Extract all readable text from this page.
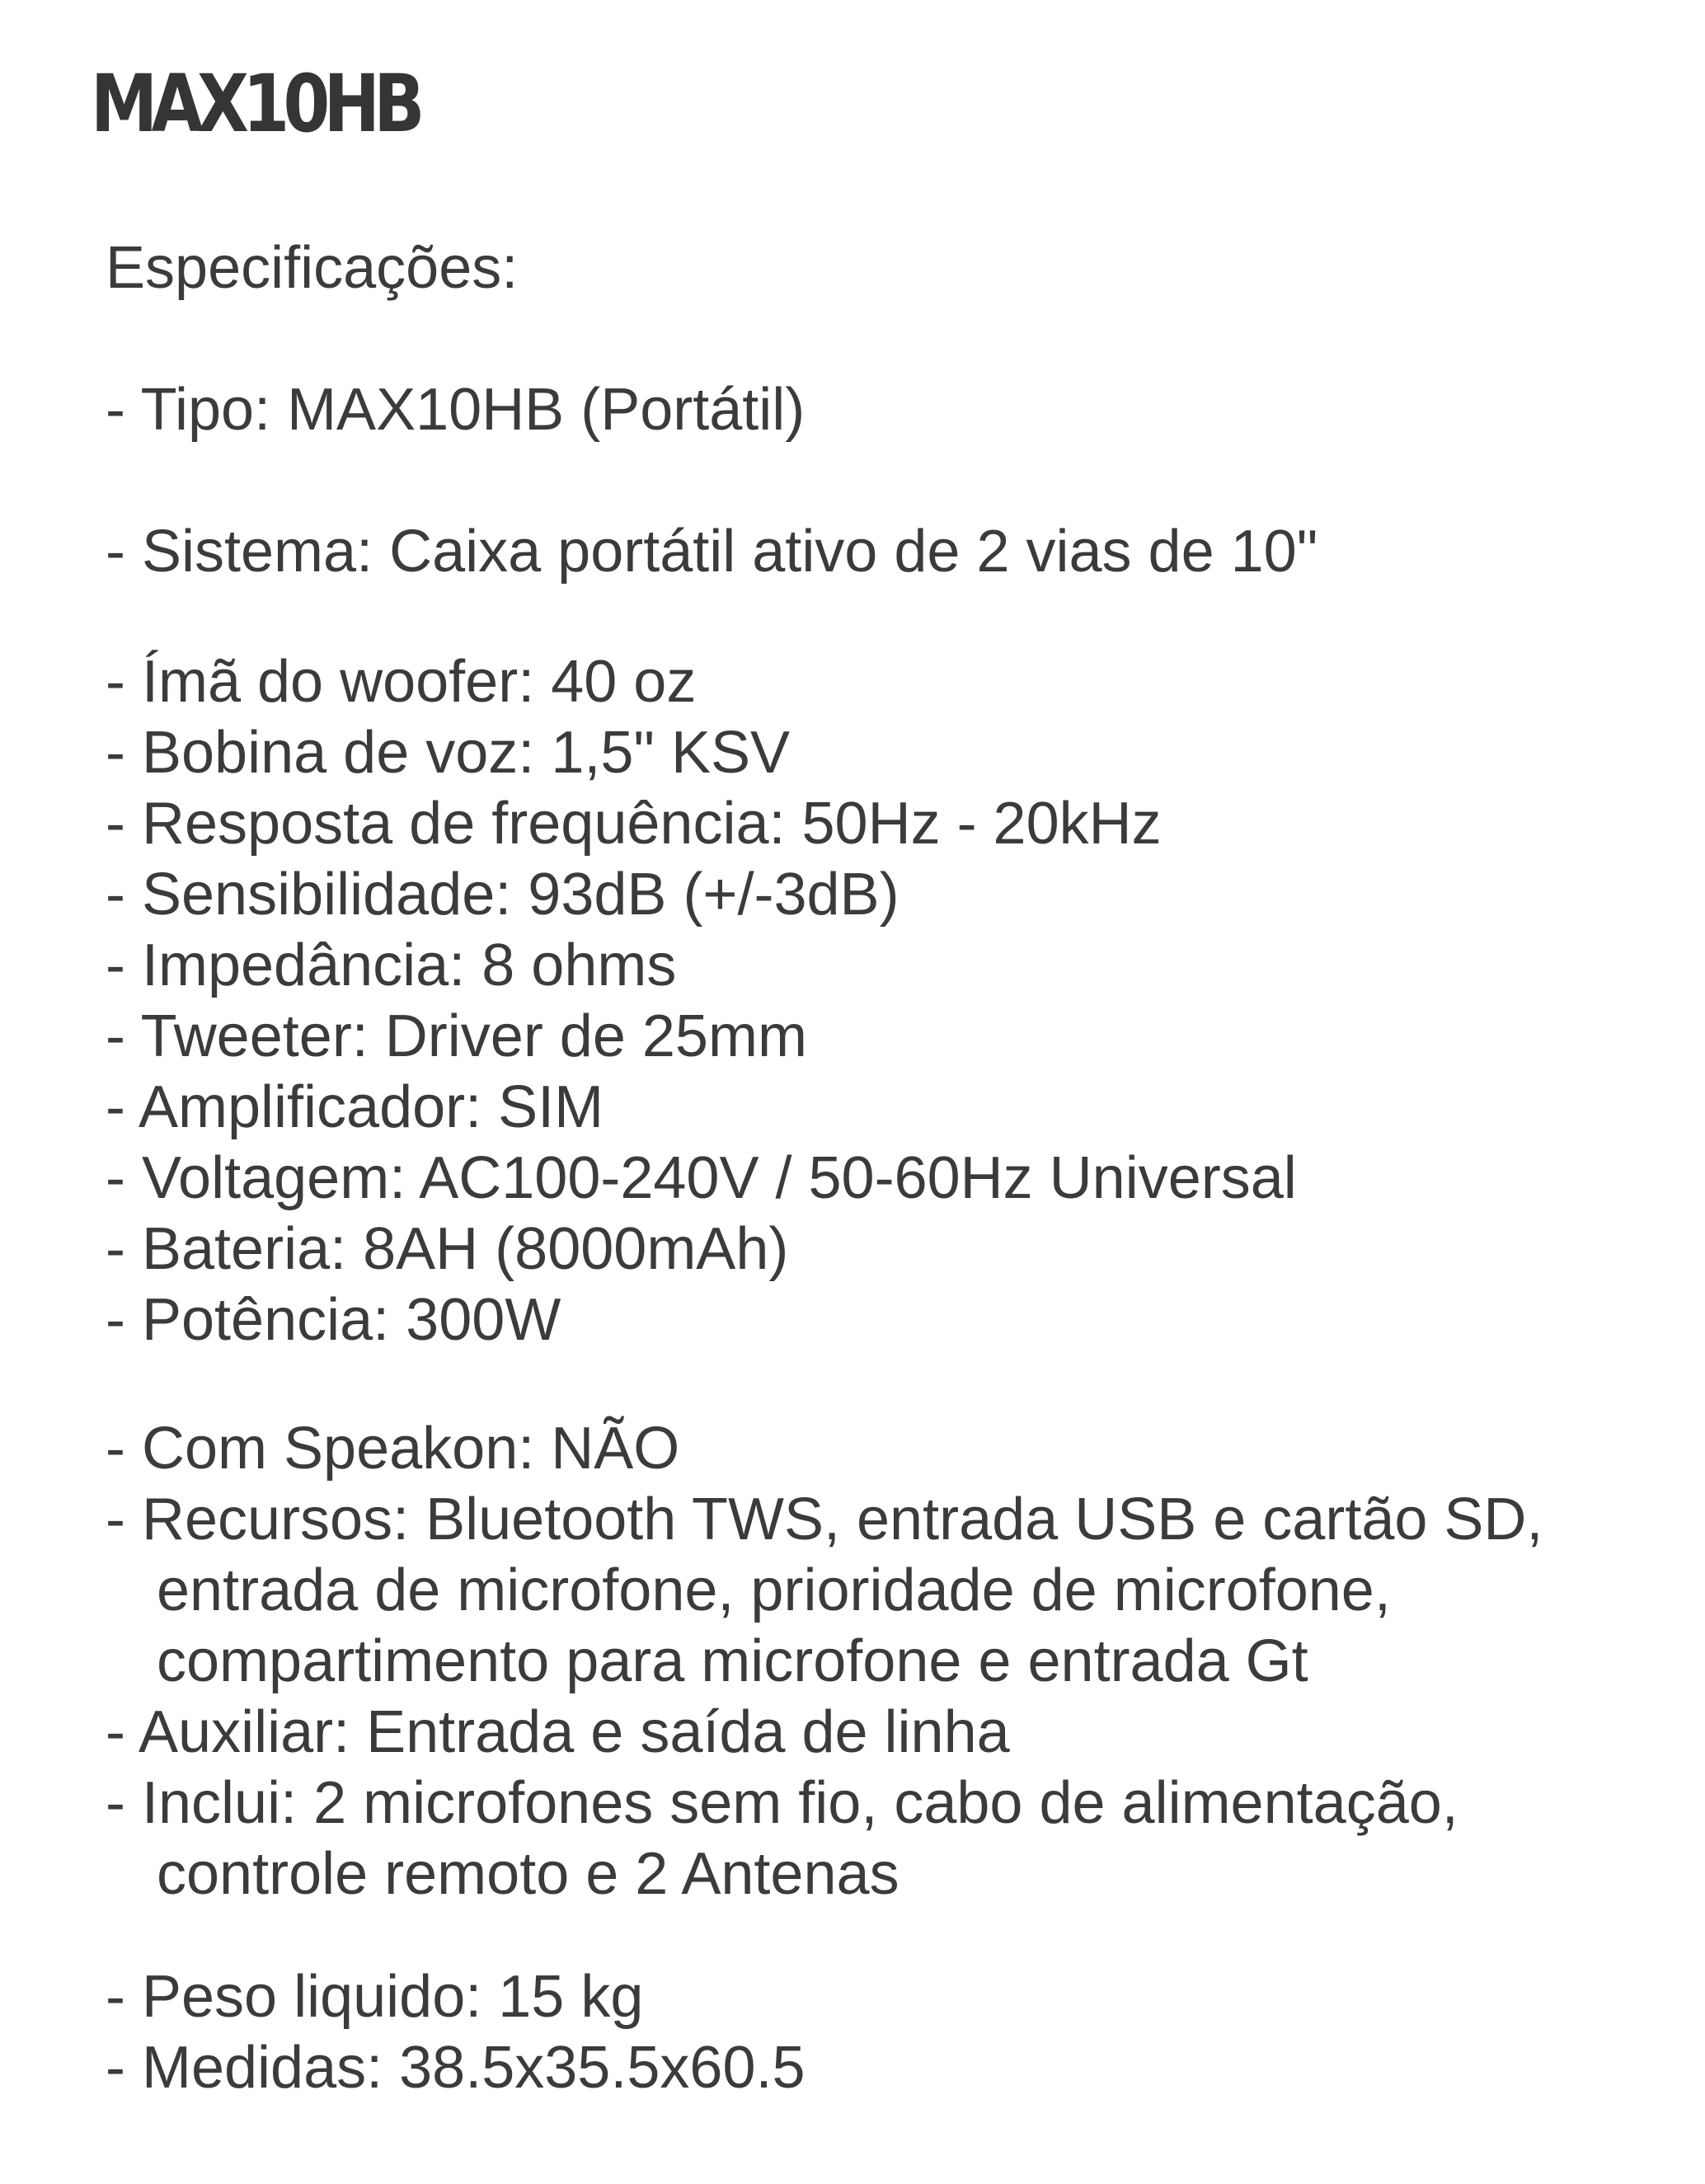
MAX10HB
Especificações:
- Tipo: MAX10HB (Portátil)
- Sistema: Caixa portátil ativo de 2 vias de 10"
- Ímã do woofer: 40 oz
- Bobina de voz: 1,5" KSV
- Resposta de frequência: 50Hz - 20kHz
- Sensibilidade: 93dB (+/-3dB)
- Impedância: 8 ohms
- Tweeter: Driver de 25mm
- Amplificador: SIM
- Voltagem: AC100-240V / 50-60Hz Universal
- Bateria: 8AH (8000mAh)
- Potência: 300W
- Com Speakon: NÃO
- Recursos: Bluetooth TWS, entrada USB e cartão SD,
entrada de microfone, prioridade de microfone,
compartimento para microfone e entrada Gt
- Auxiliar: Entrada e saída de linha
- Inclui: 2 microfones sem fio, cabo de alimentação,
controle remoto e 2 Antenas
- Peso liquido: 15 kg
- Medidas: 38.5x35.5x60.5
